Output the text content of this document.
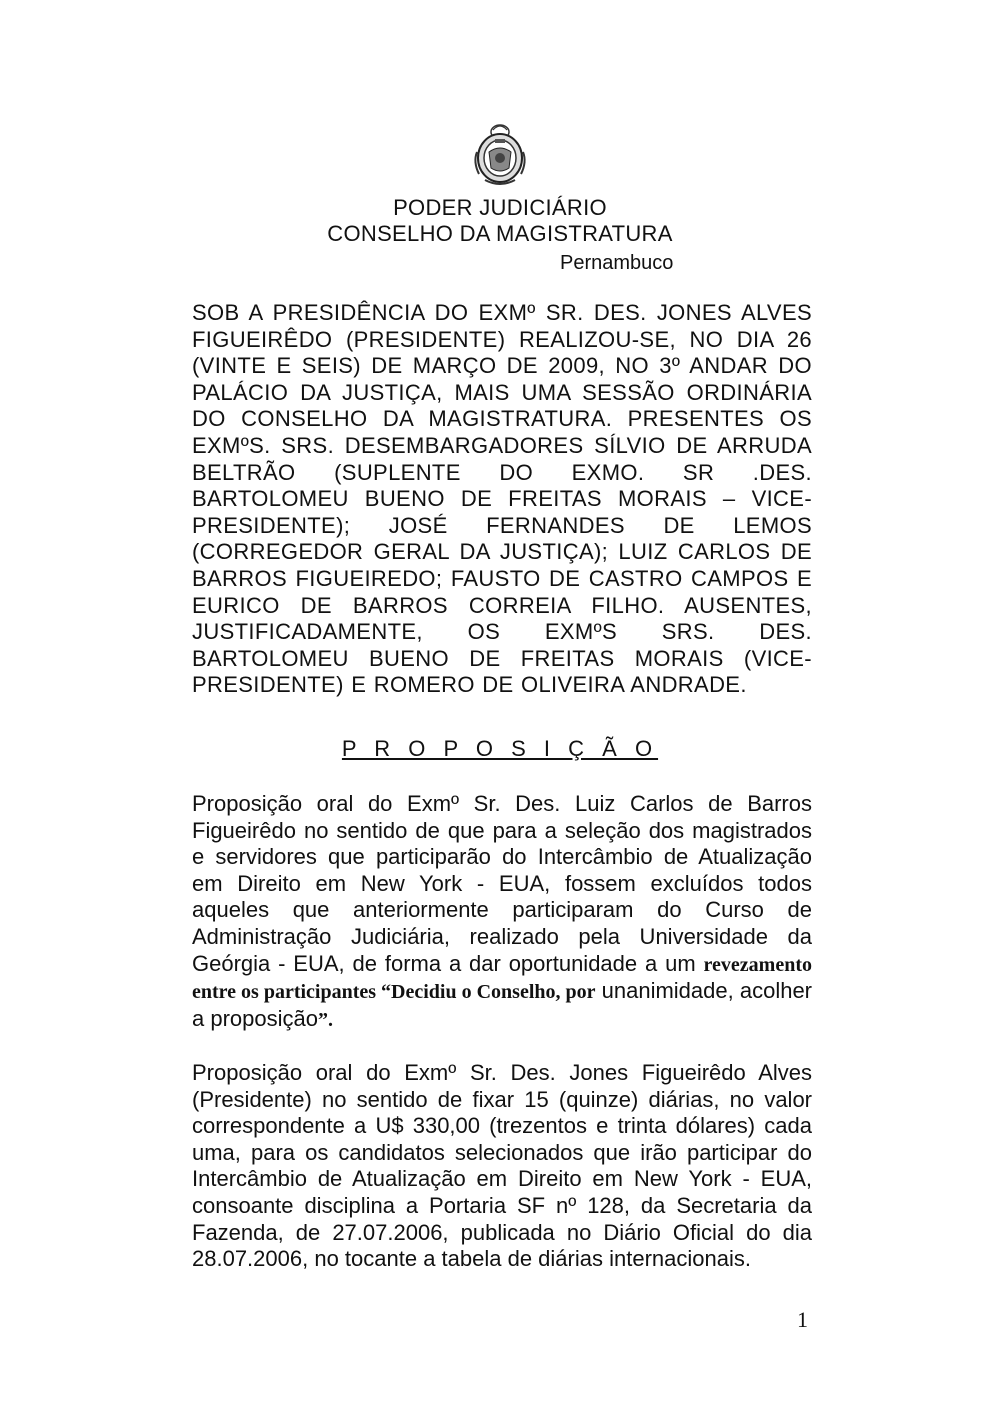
PODER JUDICIÁRIO

CONSELHO DA MAGISTRATURA

Pernambuco

SOB A PRESIDÊNCIA DO EXMº SR. DES. JONES ALVES FIGUEIRÊDO (PRESIDENTE) REALIZOU-SE, NO DIA 26 (VINTE E SEIS) DE MARÇO DE 2009, NO 3º ANDAR DO PALÁCIO DA JUSTIÇA, MAIS UMA SESSÃO ORDINÁRIA DO CONSELHO DA MAGISTRATURA. PRESENTES OS EXMºS. SRS. DESEMBARGADORES SÍLVIO DE ARRUDA BELTRÃO (SUPLENTE DO EXMO. SR .DES. BARTOLOMEU BUENO DE FREITAS MORAIS – VICE-PRESIDENTE); JOSÉ FERNANDES DE LEMOS (CORREGEDOR GERAL DA JUSTIÇA); LUIZ CARLOS DE BARROS FIGUEIREDO; FAUSTO DE CASTRO CAMPOS E EURICO DE BARROS CORREIA FILHO. AUSENTES, JUSTIFICADAMENTE, OS EXMºS SRS. DES. BARTOLOMEU BUENO DE FREITAS MORAIS (VICE-PRESIDENTE) E ROMERO DE OLIVEIRA ANDRADE.

P R O P O S I Ç Ã O

Proposição oral do Exmº Sr. Des. Luiz Carlos de Barros Figueirêdo no sentido de que para a seleção dos magistrados e servidores que participarão do Intercâmbio de Atualização em Direito em New York - EUA, fossem excluídos todos aqueles que anteriormente participaram do Curso de Administração Judiciária, realizado pela Universidade da Geórgia - EUA, de forma a dar oportunidade a um revezamento entre os participantes “Decidiu o Conselho, por unanimidade, acolher a proposição”.

Proposição oral do Exmº Sr. Des. Jones Figueirêdo Alves (Presidente) no sentido de fixar 15 (quinze) diárias, no valor correspondente a U$ 330,00 (trezentos e trinta dólares) cada uma, para os candidatos selecionados que irão participar do Intercâmbio de Atualização em Direito em New York - EUA, consoante disciplina a Portaria SF nº 128, da Secretaria da Fazenda, de 27.07.2006, publicada no Diário Oficial do dia 28.07.2006, no tocante a tabela de diárias internacionais.

1
